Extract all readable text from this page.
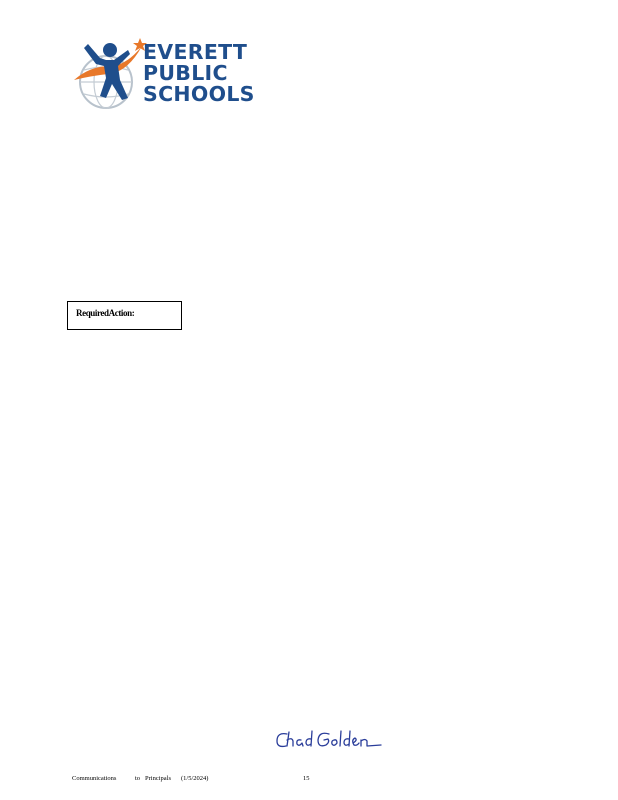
EVERETT
PUBLIC
SCHOOLS
RequiredAction:
Communications	to Principals (1/5/2024)	15
